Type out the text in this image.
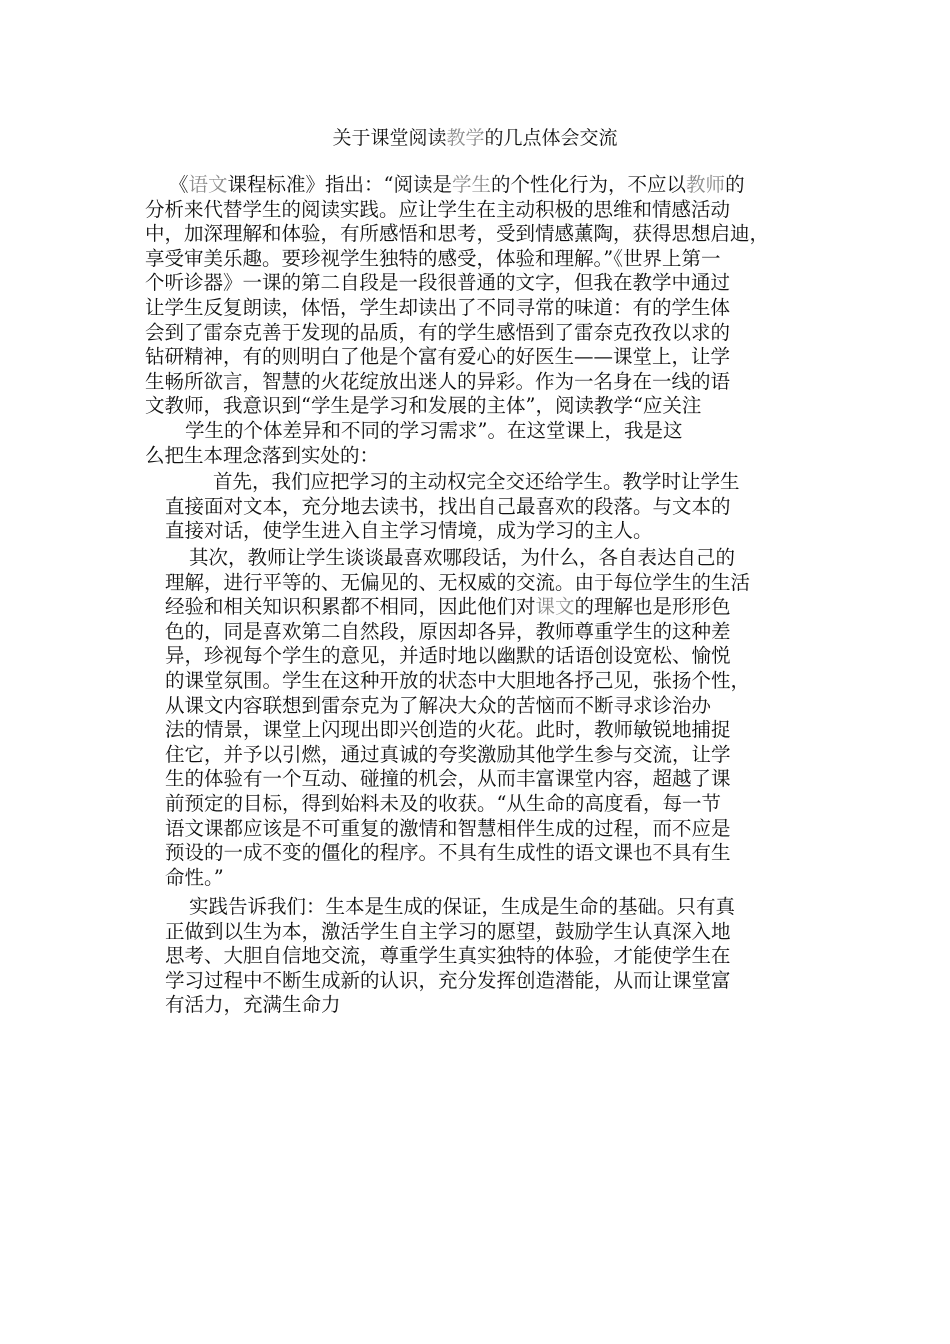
关于课堂阅读教学的几点体会交流
《语文课程标准》指出：“阅读是学生的个性化行为，不应以教师的
分析来代替学生的阅读实践。应让学生在主动积极的思维和情感活动
中，加深理解和体验，有所感悟和思考，受到情感薰陶，获得思想启迪，
享受审美乐趣。要珍视学生独特的感受，体验和理解。”《世界上第一
个听诊器》一课的第二自段是一段很普通的文字，但我在教学中通过
让学生反复朗读，体悟，学生却读出了不同寻常的味道：有的学生体
会到了雷奈克善于发现的品质，有的学生感悟到了雷奈克孜孜以求的
钻研精神，有的则明白了他是个富有爱心的好医生——课堂上，让学
生畅所欲言，智慧的火花绽放出迷人的异彩。作为一名身在一线的语
文教师，我意识到“学生是学习和发展的主体”，阅读教学“应关注
学生的个体差异和不同的学习需求”。在这堂课上，我是这
么把生本理念落到实处的：
首先，我们应把学习的主动权完全交还给学生。教学时让学生
直接面对文本，充分地去读书，找出自己最喜欢的段落。与文本的
直接对话，使学生进入自主学习情境，成为学习的主人。
其次，教师让学生谈谈最喜欢哪段话，为什么，各自表达自己的
理解，进行平等的、无偏见的、无权威的交流。由于每位学生的生活
经验和相关知识积累都不相同，因此他们对课文的理解也是形形色
色的，同是喜欢第二自然段，原因却各异，教师尊重学生的这种差
异，珍视每个学生的意见，并适时地以幽默的话语创设宽松、愉悦
的课堂氛围。学生在这种开放的状态中大胆地各抒己见，张扬个性，
从课文内容联想到雷奈克为了解决大众的苦恼而不断寻求诊治办
法的情景，课堂上闪现出即兴创造的火花。此时，教师敏锐地捕捉
住它，并予以引燃，通过真诚的夸奖激励其他学生参与交流，让学
生的体验有一个互动、碰撞的机会，从而丰富课堂内容，超越了课
前预定的目标，得到始料未及的收获。“从生命的高度看，每一节
语文课都应该是不可重复的激情和智慧相伴生成的过程，而不应是
预设的一成不变的僵化的程序。不具有生成性的语文课也不具有生
命性。”
实践告诉我们：生本是生成的保证，生成是生命的基础。只有真
正做到以生为本，激活学生自主学习的愿望，鼓励学生认真深入地
思考、大胆自信地交流，尊重学生真实独特的体验，才能使学生在
学习过程中不断生成新的认识，充分发挥创造潜能，从而让课堂富
有活力，充满生命力
